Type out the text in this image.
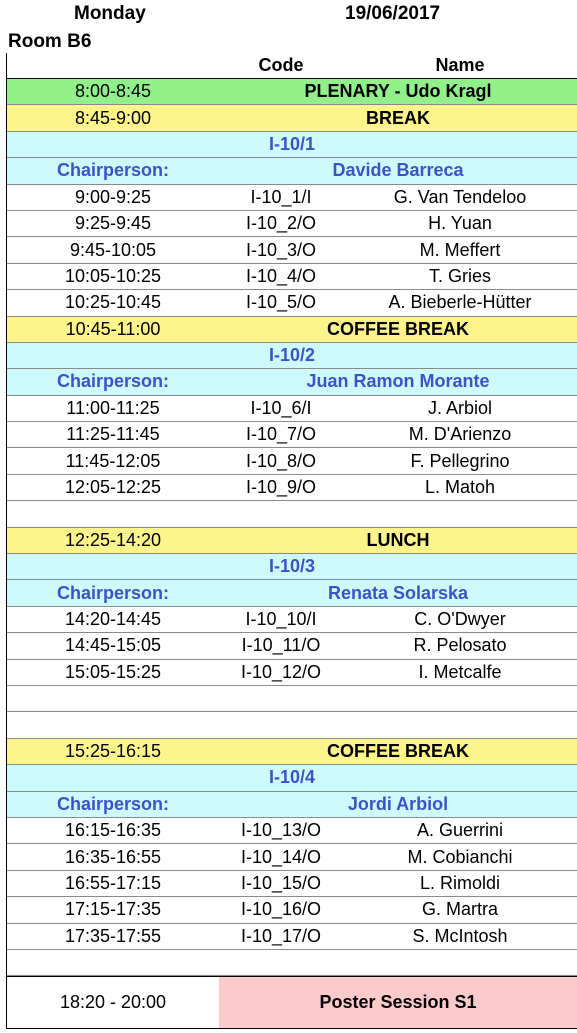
Monday	19/06/2017
Room B6
Code	Name
8:00-8:45	PLENARY - Udo Kragl
8:45-9:00	BREAK
I-10/1
Chairperson:	Davide Barreca
9:00-9:25	I-10_1/I	G. Van Tendeloo
9:25-9:45	I-10_2/O	H. Yuan
9:45-10:05	I-10_3/O	M. Meffert
10:05-10:25	I-10_4/O	T. Gries
10:25-10:45	I-10_5/O	A. Bieberle-Hütter
10:45-11:00	COFFEE BREAK
I-10/2
Chairperson:	Juan Ramon Morante
11:00-11:25	I-10_6/I	J. Arbiol
11:25-11:45	I-10_7/O	M. D'Arienzo
11:45-12:05	I-10_8/O	F. Pellegrino
12:05-12:25	I-10_9/O	L. Matoh
12:25-14:20	LUNCH
I-10/3
Chairperson:	Renata Solarska
14:20-14:45	I-10_10/I	C. O'Dwyer
14:45-15:05	I-10_11/O	R. Pelosato
15:05-15:25	I-10_12/O	I. Metcalfe
15:25-16:15	COFFEE BREAK
I-10/4
Chairperson:	Jordi Arbiol
16:15-16:35	I-10_13/O	A. Guerrini
16:35-16:55	I-10_14/O	M. Cobianchi
16:55-17:15	I-10_15/O	L. Rimoldi
17:15-17:35	I-10_16/O	G. Martra
17:35-17:55	I-10_17/O	S. McIntosh
18:20 - 20:00	Poster Session S1
